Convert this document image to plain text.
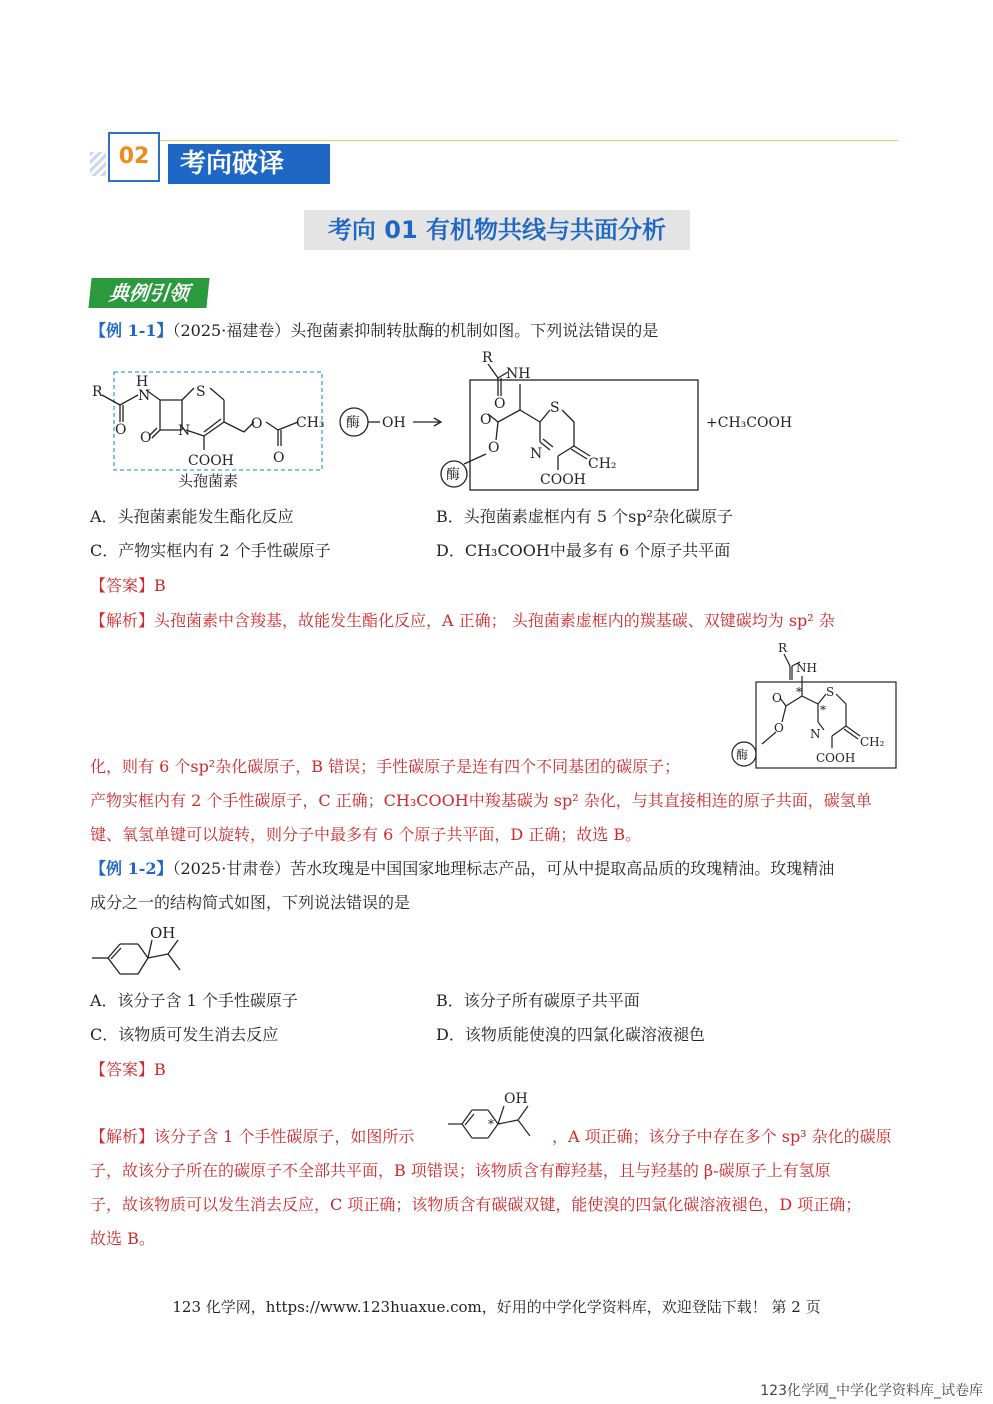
02	考向破译
考向 01 有机物共线与共面分析
典例引领
【例 1-1】（2025·福建卷）头孢菌素抑制转肽酶的机制如图。下列说法错误的是
R
H
N
O O
S
N
COOH
O
O
CH₃ 酶 OH
R
NH
O
O
O
S
N
CH₂
COOH
酶
+CH₃COOH
头孢菌素
A．头孢菌素能发生酯化反应	B．头孢菌素虚框内有 5 个sp²杂化碳原子
C．产物实框内有 2 个手性碳原子	D．CH₃COOH中最多有 6 个原子共平面
【答案】B
【解析】头孢菌素中含羧基，故能发生酯化反应，A 正确； 头孢菌素虚框内的羰基碳、双键碳均为 sp² 杂
R
NH
*
*
O
O
S
N
CH₂
COOH
酶
化，则有 6 个sp²杂化碳原子，B 错误；手性碳原子是连有四个不同基团的碳原子；
产物实框内有 2 个手性碳原子，C 正确；CH₃COOH中羧基碳为 sp² 杂化，与其直接相连的原子共面，碳氢单
键、氧氢单键可以旋转，则分子中最多有 6 个原子共平面，D 正确；故选 B。
【例 1-2】（2025·甘肃卷）苦水玫瑰是中国国家地理标志产品，可从中提取高品质的玫瑰精油。玫瑰精油
成分之一的结构简式如图，下列说法错误的是
OH
A．该分子含 1 个手性碳原子	B．该分子所有碳原子共平面
C．该物质可发生消去反应	D．该物质能使溴的四氯化碳溶液褪色
【答案】B
【解析】该分子含 1 个手性碳原子，如图所示
OH
*
，A 项正确；该分子中存在多个 sp³ 杂化的碳原
子，故该分子所在的碳原子不全部共平面，B 项错误；该物质含有醇羟基，且与羟基的 β-碳原子上有氢原
子，故该物质可以发生消去反应，C 项正确；该物质含有碳碳双键，能使溴的四氯化碳溶液褪色，D 项正确；
故选 B。
123 化学网，https://www.123huaxue.com，好用的中学化学资料库，欢迎登陆下载！ 第 2 页
123化学网_中学化学资料库_试卷库
